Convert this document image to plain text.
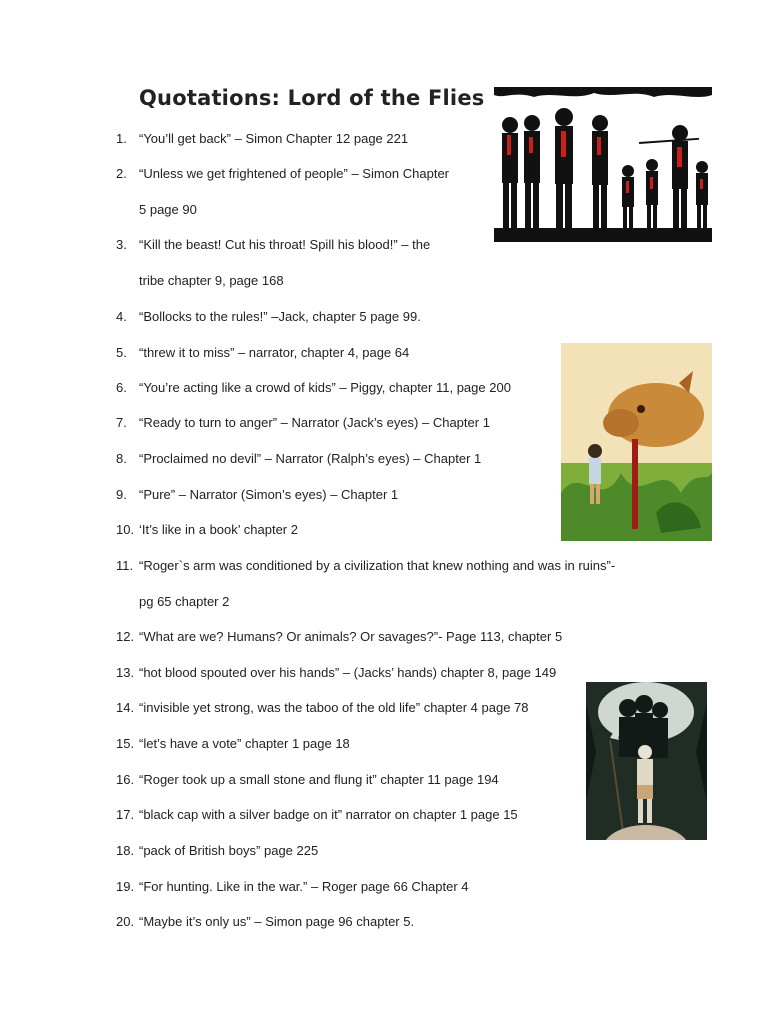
Quotations: Lord of the Flies
1. “You’ll get back” – Simon Chapter 12 page 221
2. “Unless we get frightened of people” – Simon Chapter
5 page 90
3. “Kill the beast! Cut his throat! Spill his blood!” – the
tribe chapter 9, page 168
4. “Bollocks to the rules!” –Jack, chapter 5 page 99.
5. “threw it to miss” – narrator, chapter 4, page 64
6. “You’re acting like a crowd of kids” – Piggy, chapter 11, page 200
7. “Ready to turn to anger” – Narrator (Jack’s eyes) – Chapter 1
8. “Proclaimed no devil” – Narrator (Ralph’s eyes) – Chapter 1
9. “Pure” – Narrator (Simon’s eyes) – Chapter 1
10. ‘It’s like in a book’ chapter 2
11. “Roger`s arm was conditioned by a civilization that knew nothing and was in ruins”-
pg 65 chapter 2
12. “What are we? Humans? Or animals? Or savages?”- Page 113, chapter 5
13. “hot blood spouted over his hands” – (Jacks’ hands) chapter 8, page 149
14. “invisible yet strong, was the taboo of the old life” chapter 4 page 78
15. “let’s have a vote” chapter 1 page 18
16. “Roger took up a small stone and flung it” chapter 11 page 194
17. “black cap with a silver badge on it” narrator on chapter 1 page 15
18. “pack of British boys” page 225
19. “For hunting. Like in the war.” – Roger page 66 Chapter 4
20. “Maybe it’s only us” – Simon page 96 chapter 5.
